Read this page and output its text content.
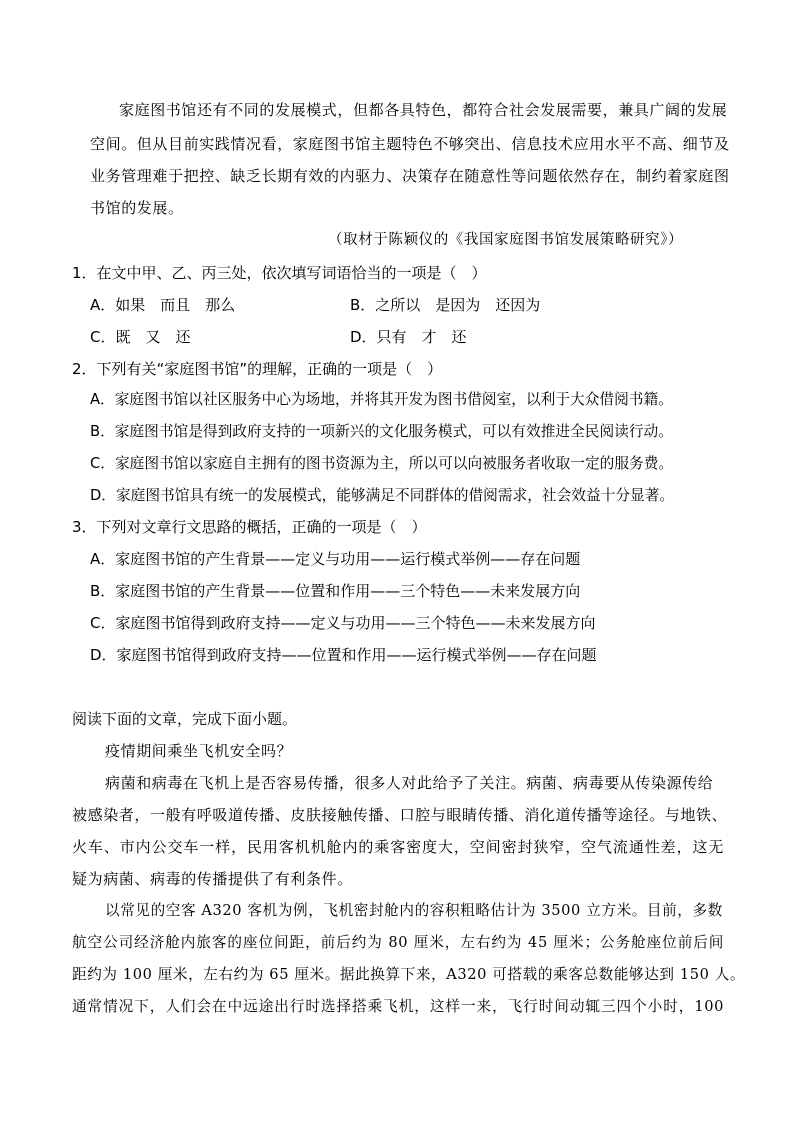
家庭图书馆还有不同的发展模式，但都各具特色，都符合社会发展需要，兼具广阔的发展
空间。但从目前实践情况看，家庭图书馆主题特色不够突出、信息技术应用水平不高、细节及
业务管理难于把控、缺乏长期有效的内驱力、决策存在随意性等问题依然存在，制约着家庭图
书馆的发展。
（取材于陈颖仪的《我国家庭图书馆发展策略研究》）
1．在文中甲、乙、丙三处，依次填写词语恰当的一项是（　）
A．如果　而且　那么	B．之所以　是因为　还因为
C．既　又　还	D．只有　才　还
2．下列有关“家庭图书馆”的理解，正确的一项是（　）
A．家庭图书馆以社区服务中心为场地，并将其开发为图书借阅室，以利于大众借阅书籍。
B．家庭图书馆是得到政府支持的一项新兴的文化服务模式，可以有效推进全民阅读行动。
C．家庭图书馆以家庭自主拥有的图书资源为主，所以可以向被服务者收取一定的服务费。
D．家庭图书馆具有统一的发展模式，能够满足不同群体的借阅需求，社会效益十分显著。
3．下列对文章行文思路的概括，正确的一项是（　）
A．家庭图书馆的产生背景——定义与功用——运行模式举例——存在问题
B．家庭图书馆的产生背景——位置和作用——三个特色——未来发展方向
C．家庭图书馆得到政府支持——定义与功用——三个特色——未来发展方向
D．家庭图书馆得到政府支持——位置和作用——运行模式举例——存在问题
阅读下面的文章，完成下面小题。
疫情期间乘坐飞机安全吗？
病菌和病毒在飞机上是否容易传播，很多人对此给予了关注。病菌、病毒要从传染源传给
被感染者，一般有呼吸道传播、皮肤接触传播、口腔与眼睛传播、消化道传播等途径。与地铁、
火车、市内公交车一样，民用客机机舱内的乘客密度大，空间密封狭窄，空气流通性差，这无
疑为病菌、病毒的传播提供了有利条件。
以常见的空客 A320 客机为例，飞机密封舱内的容积粗略估计为 3500 立方米。目前，多数
航空公司经济舱内旅客的座位间距，前后约为 80 厘米，左右约为 45 厘米；公务舱座位前后间
距约为 100 厘米，左右约为 65 厘米。据此换算下来，A320 可搭载的乘客总数能够达到 150 人。
通常情况下，人们会在中远途出行时选择搭乘飞机，这样一来，飞行时间动辄三四个小时，100
